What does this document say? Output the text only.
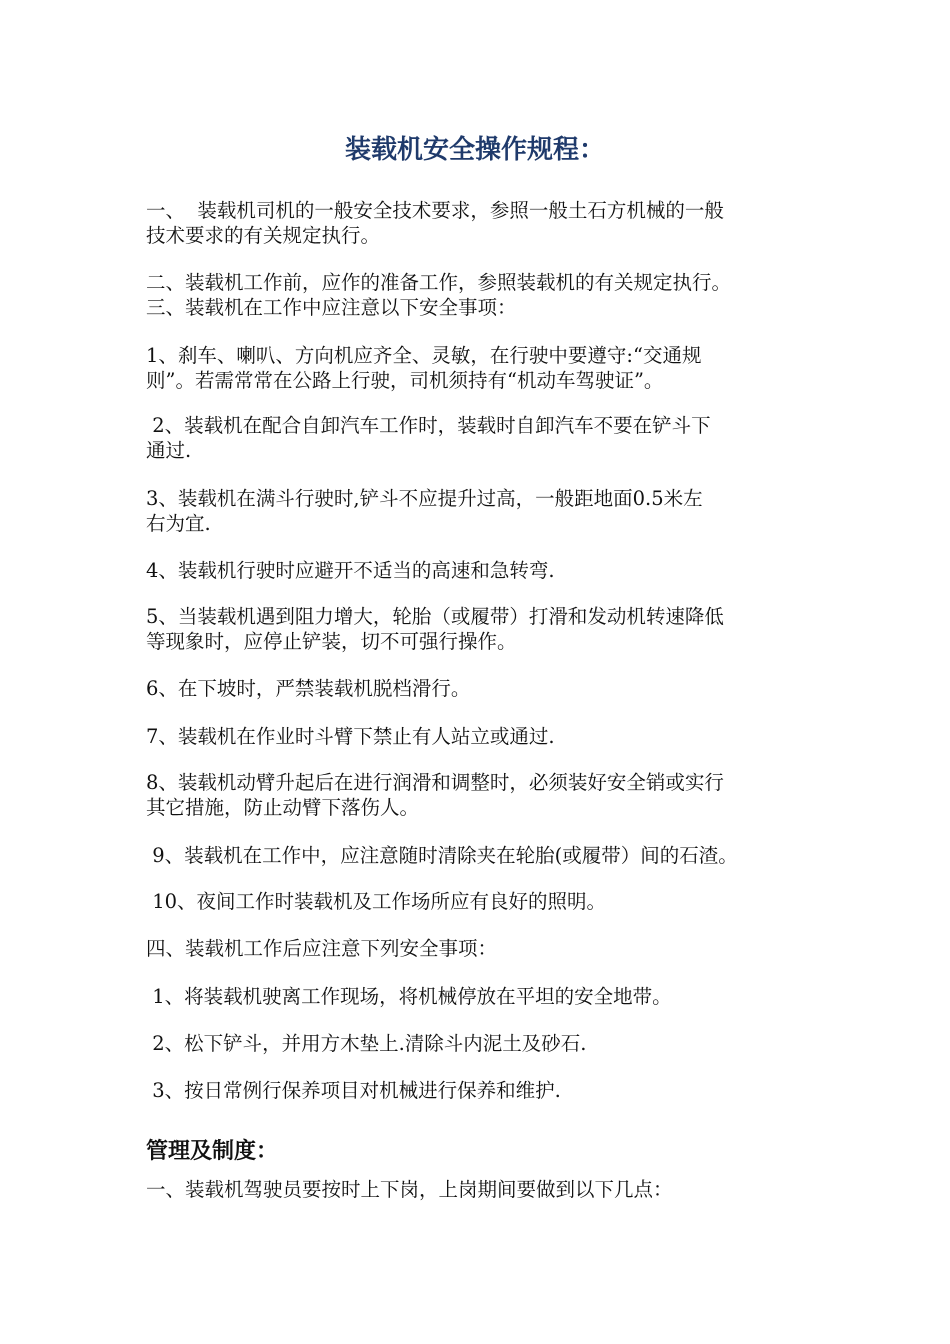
装载机安全操作规程：
一、  装载机司机的一般安全技术要求，参照一般土石方机械的一般
技术要求的有关规定执行。
二、装载机工作前，应作的准备工作，参照装载机的有关规定执行。
三、装载机在工作中应注意以下安全事项：
1、刹车、喇叭、方向机应齐全、灵敏，在行驶中要遵守:“交通规
则”。若需常常在公路上行驶，司机须持有“机动车驾驶证”。
2、装载机在配合自卸汽车工作时，装载时自卸汽车不要在铲斗下
通过.
3、装载机在满斗行驶时,铲斗不应提升过高，一般距地面0.5米左
右为宜.
4、装载机行驶时应避开不适当的高速和急转弯.
5、当装载机遇到阻力增大，轮胎（或履带）打滑和发动机转速降低
等现象时，应停止铲装，切不可强行操作。
6、在下坡时，严禁装载机脱档滑行。
7、装载机在作业时斗臂下禁止有人站立或通过.
8、装载机动臂升起后在进行润滑和调整时，必须装好安全销或实行
其它措施，防止动臂下落伤人。
9、装载机在工作中，应注意随时清除夹在轮胎(或履带）间的石渣。
10、夜间工作时装载机及工作场所应有良好的照明。
四、装载机工作后应注意下列安全事项：
1、将装载机驶离工作现场，将机械停放在平坦的安全地带。
2、松下铲斗，并用方木垫上.清除斗内泥土及砂石.
3、按日常例行保养项目对机械进行保养和维护.
管理及制度：
一、装载机驾驶员要按时上下岗，上岗期间要做到以下几点：
